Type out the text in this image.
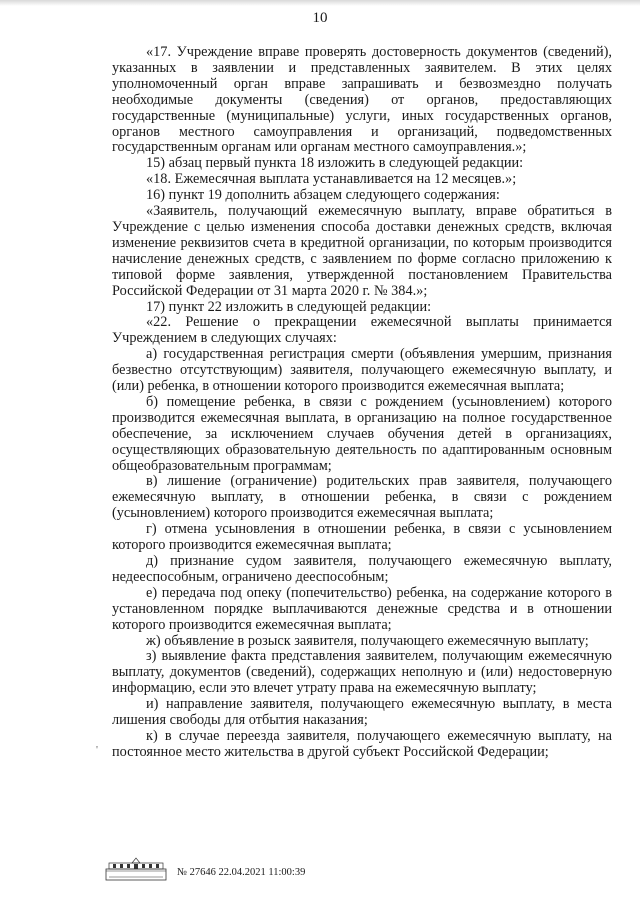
10

«17. Учреждение вправе проверять достоверность документов (сведений), указанных в заявлении и представленных заявителем. В этих целях уполномоченный орган вправе запрашивать и безвозмездно получать необходимые документы (сведения) от органов, предоставляющих государственные (муниципальные) услуги, иных государственных органов, органов местного самоуправления и организаций, подведомственных государственным органам или органам местного самоуправления.»;

15) абзац первый пункта 18 изложить в следующей редакции:

«18. Ежемесячная выплата устанавливается на 12 месяцев.»;

16) пункт 19 дополнить абзацем следующего содержания:

«Заявитель, получающий ежемесячную выплату, вправе обратиться в Учреждение с целью изменения способа доставки денежных средств, включая изменение реквизитов счета в кредитной организации, по которым производится начисление денежных средств, с заявлением по форме согласно приложению к типовой форме заявления, утвержденной постановлением Правительства Российской Федерации от 31 марта 2020 г. № 384.»;

17) пункт 22 изложить в следующей редакции:

«22. Решение о прекращении ежемесячной выплаты принимается Учреждением в следующих случаях:

а) государственная регистрация смерти (объявления умершим, признания безвестно отсутствующим) заявителя, получающего ежемесячную выплату, и (или) ребенка, в отношении которого производится ежемесячная выплата;

б) помещение ребенка, в связи с рождением (усыновлением) которого производится ежемесячная выплата, в организацию на полное государственное обеспечение, за исключением случаев обучения детей в организациях, осуществляющих образовательную деятельность по адаптированным основным общеобразовательным программам;

в) лишение (ограничение) родительских прав заявителя, получающего ежемесячную выплату, в отношении ребенка, в связи с рождением (усыновлением) которого производится ежемесячная выплата;

г) отмена усыновления в отношении ребенка, в связи с усыновлением которого производится ежемесячная выплата;

д) признание судом заявителя, получающего ежемесячную выплату, недееспособным, ограничено дееспособным;

е) передача под опеку (попечительство) ребенка, на содержание которого в установленном порядке выплачиваются денежные средства и в отношении которого производится ежемесячная выплата;

ж) объявление в розыск заявителя, получающего ежемесячную выплату;

з) выявление факта представления заявителем, получающим ежемесячную выплату, документов (сведений), содержащих неполную и (или) недостоверную информацию, если это влечет утрату права на ежемесячную выплату;

и) направление заявителя, получающего ежемесячную выплату, в места лишения свободы для отбытия наказания;

к) в случае переезда заявителя, получающего ежемесячную выплату, на постоянное место жительства в другой субъект Российской Федерации;

'
№ 27646 22.04.2021 11:00:39
